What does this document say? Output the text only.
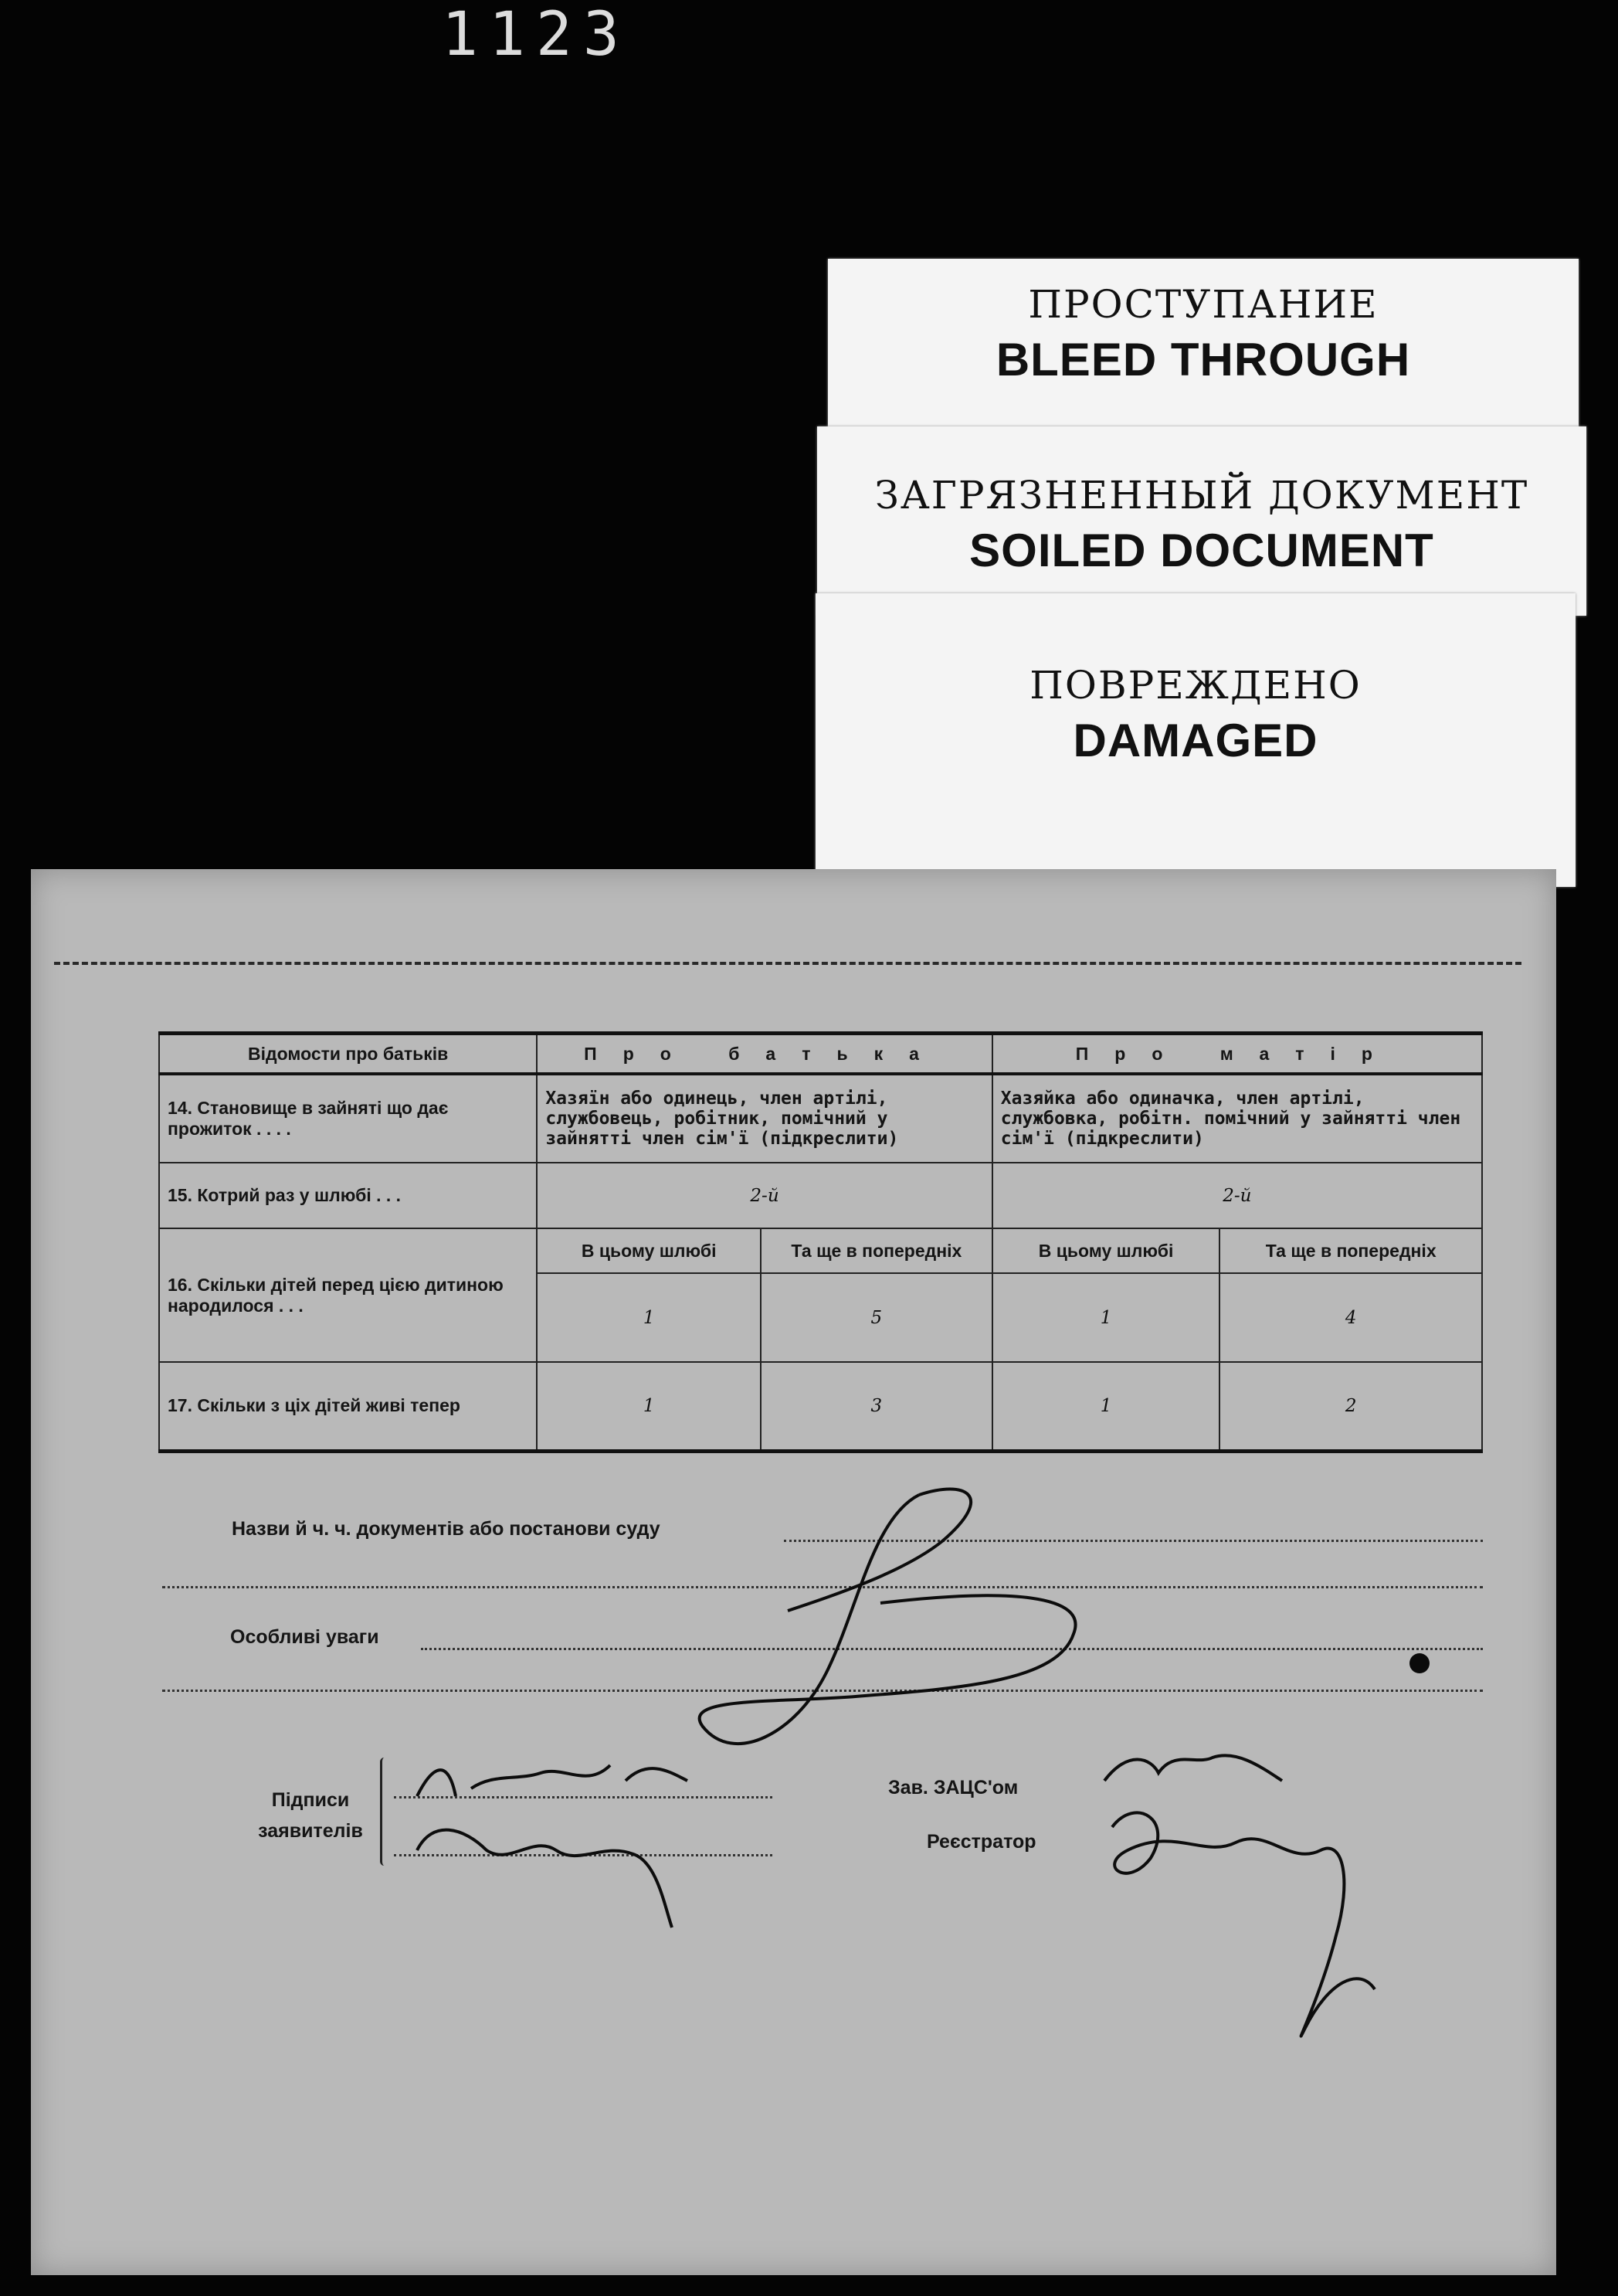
1123
ПРОСТУПАНИЕ
BLEED THROUGH
ЗАГРЯЗНЕННЫЙ ДОКУМЕНТ
SOILED DOCUMENT
ПОВРЕЖДЕНО
DAMAGED
Відомости про батьків	Про батька		Про матір	
14. Становище в зайняті що дає прожиток . . . .	Хазяїн або одинець, член артілі, службовець, робітник, помічний у зайнятті член сім'ї (підкреслити)		Хазяйка або одиначка, член артілі, службовка, робітн. помічний у зайнятті член сім'ї (підкреслити)	
15. Котрий раз у шлюбі . . .	2-й		2-й	
16. Скільки дітей перед цією дитиною народилося . . .	В цьому шлюбі	Та ще в попередніх	В цьому шлюбі	Та ще в попередніх
	1	5	1	4
17. Скільки з ціх дітей живі тепер	1	3	1	2
Назви й ч. ч. документів або постанови суду
Особливі уваги
Підписи заявителів
Зав. ЗАЦС'ом
Реєстратор
